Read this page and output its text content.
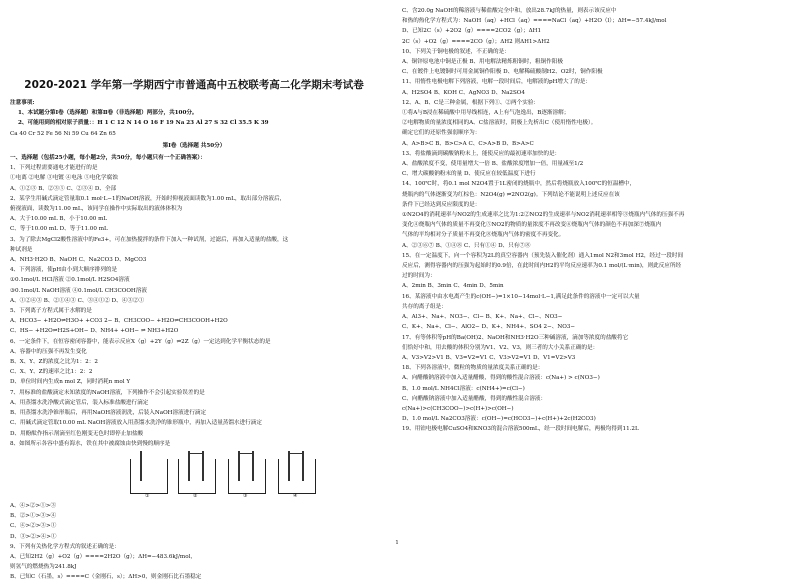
2020-2021 学年第一学期西宁市普通高中五校联考高二化学期末考试卷
注意事项:
1、本试题分第Ⅰ卷（选择题）和第Ⅱ卷（非选择题）两部分，共100分。
2、可能用到的相对原子质量：：H 1 C 12 N 14 O 16 F 19 Na 23 Al 27 S 32 Cl 35.5 K 39
Ca 40 Cr 52 Fe 56 Ni 59 Cu 64 Zn 65
第Ⅰ卷（选择题 共50分）
一、选择题（包括25小题，每小题2分，共50分，每小题只有一个正确答案）：
1、下列过程需要通电才能进行的是
①电离 ②电解 ③电镀 ④电泳 ⑤电化学腐蚀
A、①②③ B、②③⑤ C、②③④ D、全部
2、某学生用碱式滴定管量取0.1 mol·L−1的NaOH溶液，开始时仰视液面读数为1.00 mL，取出部分溶液后，
俯视液面，读数为11.00 mL，该同学在操作中实际取出的液体体积为
A、大于10.00 mL B、小于10.00 mL
C、等于10.00 mL D、等于11.00 mL
3、为了除去MgCl2酸性溶液中的Fe3+，可在加热搅拌的条件下加入一种试剂，过滤后，再加入适量的盐酸，这
种试剂是
A、NH3·H2O B、NaOH C、Na2CO3 D、MgCO3
4、下列溶液，使pH由小到大顺序排列的是
①0.1mol/L HCl溶液 ②0.1mol/L H2SO4溶液
③0.1mol/L NaOH溶液 ④0.1mol/L CH3COOH溶液
A、①②④③ B、②①④③ C、③④①② D、④③②①
5、下列离子方程式属于水解的是
A、HCO3− +H2O⇌H3O+ +CO3 2− B、CH3COO− +H2O⇌CH3COOH+H2O
C、HS− +H2O⇌H2S+OH− D、NH4+ +OH− ⇌ NH3+H2O
6、一定条件下，在恒容密闭容器中，能表示反应X（g）+2Y（g）⇌2Z（g）一定达到化学平衡状态的是
A、容器中的压强不再发生变化
B、X、Y、Z的浓度之比为1：2：2
C、X、Y、Z的速率之比1：2：2
D、单位时间内生成n mol Z，同时消耗n mol Y
7、用标准的盐酸滴定未知浓度的NaOH溶液，下列操作不会引起实验误差的是
A、用蒸馏水洗净酸式滴定管后，装入标准盐酸进行滴定
B、用蒸馏水洗净锥形瓶后，再用NaOH溶液润洗，后装入NaOH溶液进行滴定
C、用碱式滴定管取10.00 mL NaOH溶液放入用蒸馏水洗净的锥形瓶中，再加入适量蒸馏水进行滴定
D、用酚酞作指示剂滴至红色刚变无色时即停止加盐酸
8、如图所示各容中盛有海水，铁在其中被腐蚀由快到慢的顺序是
①	②	③	④
A、④>②>①>③
B、②>①>③>④
C、④>②>③>①
D、③>②>④>①
9、下列有关热化学方程式的叙述正确的是：
A、已知2H2（g）+O2（g）====2H2O（g）；ΔH=−483.6kJ/mol，
则氢气的燃烧热为241.8kJ
B、已知C（石墨，s）====C（金刚石，s）；ΔH>0，则金刚石比石墨稳定
C、含20.0g NaOH的稀溶液与稀盐酸完全中和，放出28.7kJ的热量，则表示该反应中
和热的热化学方程式为：NaOH（aq）+HCl（aq）====NaCl（aq）+H2O（l）；ΔH=−57.4kJ/mol
D、已知2C（s）+2O2（g）====2CO2（g）；ΔH1
2C（s）+O2（g）====2CO（g）；ΔH2 则ΔH1>ΔH2
10、下列关于铜电极的叙述，不正确的是：
A、铜锌原电池中铜是正极 B、用电解法精炼粗铜时，粗铜作阳极
C、在镀件上电镀铜时可用金属铜作阳极 D、电解稀硫酸制H2、O2时，铜作阳极
11、用惰性电极电解下列溶液，电解一段时间后，电解液的pH增大了的是：
A、H2SO4 B、KOH C、AgNO3 D、Na2SO4
12、A、B、C是三种金属，根据下列①、②两个实验：
①将A与B浸在稀硫酸中用导线相连，A上有气泡逸出，B逐渐溶解；
②电解物质的量浓度相同的A、C盐溶液时，阴极上先析出C（使用惰性电极）。
确定它们的还原性强弱顺序为：
A、A>B>C B、B>C>A C、C>A>B D、B>A>C
13、将盐酸滴到碳酸钠粉末上，能使反应的最初速率加快的是：
A、盐酸浓度不变，使用量增大一倍 B、盐酸浓度增加一倍，用量减至1/2
C、增大碳酸钠粉末的量 D、使反应在较低温度下进行
14、100℃时，将0.1 mol N2O4置于1L密闭的烧瓶中，然后将烧瓶放入100℃的恒温槽中，
烧瓶内的气体逐渐变为红棕色：N2O4(g) ⇌2NO2(g)。下列结论不能说明上述反应在该
条件下已经达到反应限度的是：
①N2O4的消耗速率与NO2的生成速率之比为1:2②NO2的生成速率与NO2消耗速率相等③烧瓶内气体的压强不再
变化④烧瓶内气体的质量不再变化⑤NO2的物质的量浓度不再改变⑥烧瓶内气体的颜色不再加深⑦烧瓶内
气体的平均相对分子质量不再变化⑧烧瓶内气体的密度不再变化。
A、②③⑥⑦ B、①④⑧ C、只有①④ D、只有⑦⑧
15、在一定温度下，向一个容积为2L的真空容器内（预先装入催化剂）通入1mol N2和3mol H2，经过一段时间
反应后，测得容器内的压强为起始时的0.9倍，在此时间内H2的平均反应速率为0.1 mol/(L·min)，则此反应所经
过的时间为：
A、2min B、3min C、4min D、5min
16、某溶液中由水电离产生的c(OH−)=1×10−14mol·L−1,满足此条件的溶液中一定可以大量
共存的离子组是：
A、Al3+、Na+、NO3−、Cl− B、K+、Na+、Cl−、NO3−
C、K+、Na+、Cl−、AlO2− D、K+、NH4+、SO4 2−、NO3−
17、有等体积等pH的Ba(OH)2、NaOH和NH3·H2O三种碱溶液，滴加等浓度的盐酸将它
们恰好中和，用去酸的体积分别为V1、V2、V3，则三者的大小关系正确的是：
A、V3>V2>V1 B、V3=V2=V1 C、V3>V2=V1 D、V1=V2>V3
18、下列各溶液中，微粒的物质的量浓度关系正确的是：
A、向醋酸钠溶液中加入适量醋酸，得到的酸性混合溶液：c(Na+) > c(NO3−)
B、1.0 mol/L NH4Cl溶液：c(NH4+)=c(Cl−)
C、向醋酸钠溶液中加入适量醋酸，得到的酸性混合溶液：
c(Na+)>c(CH3COO−)>c(H+)>c(OH−)
D、1.0 mol/L Na2CO3溶液：c(OH−)=c(HCO3−)+c(H+)+2c(H2CO3)
19、用铂电极电解CuSO4和KNO3的混合溶液500mL，经一段时间电解后，两极均得到11.2L
1
